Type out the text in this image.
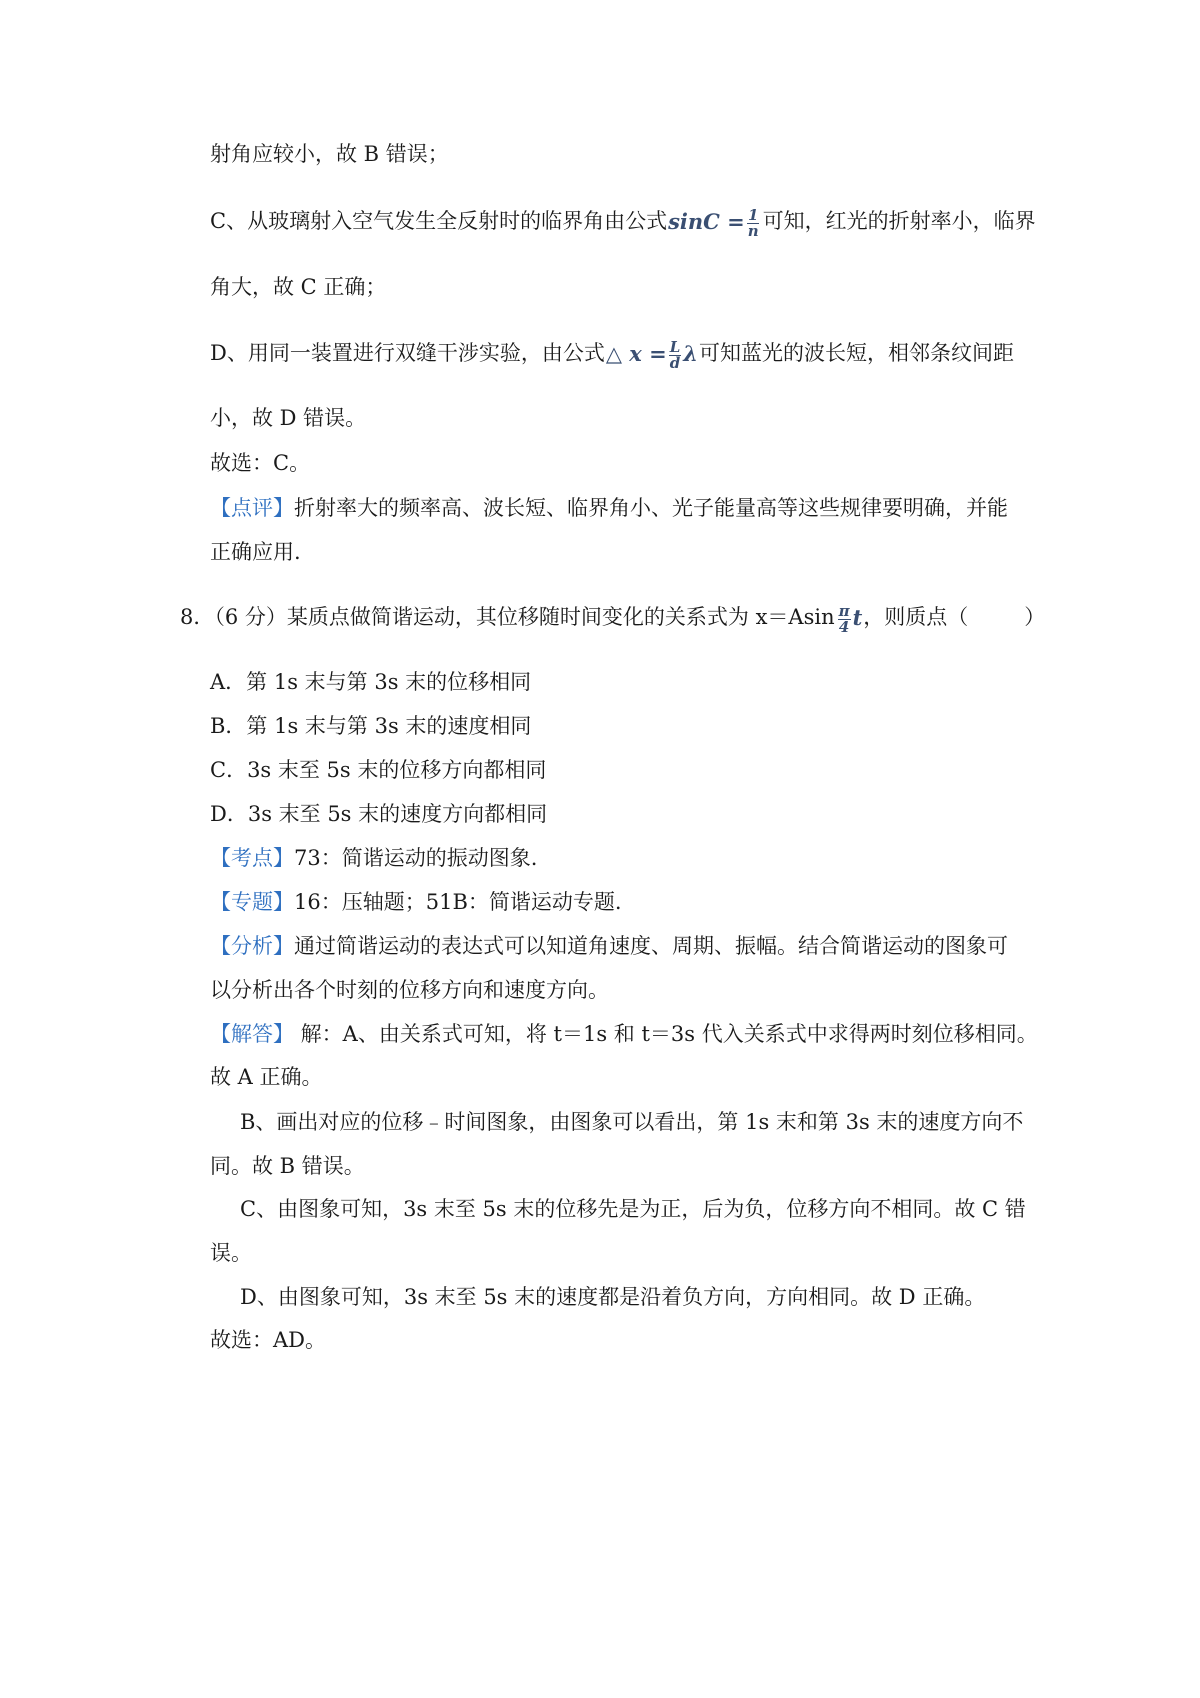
射角应较小，故 B 错误；
C、从玻璃射入空气发生全反射时的临界角由公式$\sin C = \frac{1}{n}$ 可知，红光的折射率小，临界
角大，故 C 正确；
D、用同一装置进行双缝干涉实验，由公式△ $x = \frac{L}{d}$ λ可知蓝光的波长短，相邻条纹间距
小，故 D 错误。
故选：C。
【点评】折射率大的频率高、波长短、临界角小、光子能量高等这些规律要明确，并能
正确应用.
8．（6 分）某质点做简谐运动，其位移随时间变化的关系式为 $x=Asin \frac{\pi}{4}$ t，则质点（	）
A．第 1s 末与第 3s 末的位移相同
B．第 1s 末与第 3s 末的速度相同
C．3s 末至 5s 末的位移方向都相同
D．3s 末至 5s 末的速度方向都相同
【考点】73：简谐运动的振动图象.
【专题】16：压轴题；51B：简谐运动专题.
【分析】通过简谐运动的表达式可以知道角速度、周期、振幅。结合简谐运动的图象可
以分析出各个时刻的位移方向和速度方向。
【解答】 解：A、由关系式可知，将 t＝1s 和 t＝3s 代入关系式中求得两时刻位移相同。
故 A 正确。
B、画出对应的位移﹣时间图象，由图象可以看出，第 1s 末和第 3s 末的速度方向不
同。故 B 错误。
C、由图象可知，3s 末至 5s 末的位移先是为正，后为负，位移方向不相同。故 C 错
误。
D、由图象可知，3s 末至 5s 末的速度都是沿着负方向，方向相同。故 D 正确。
故选：AD。
